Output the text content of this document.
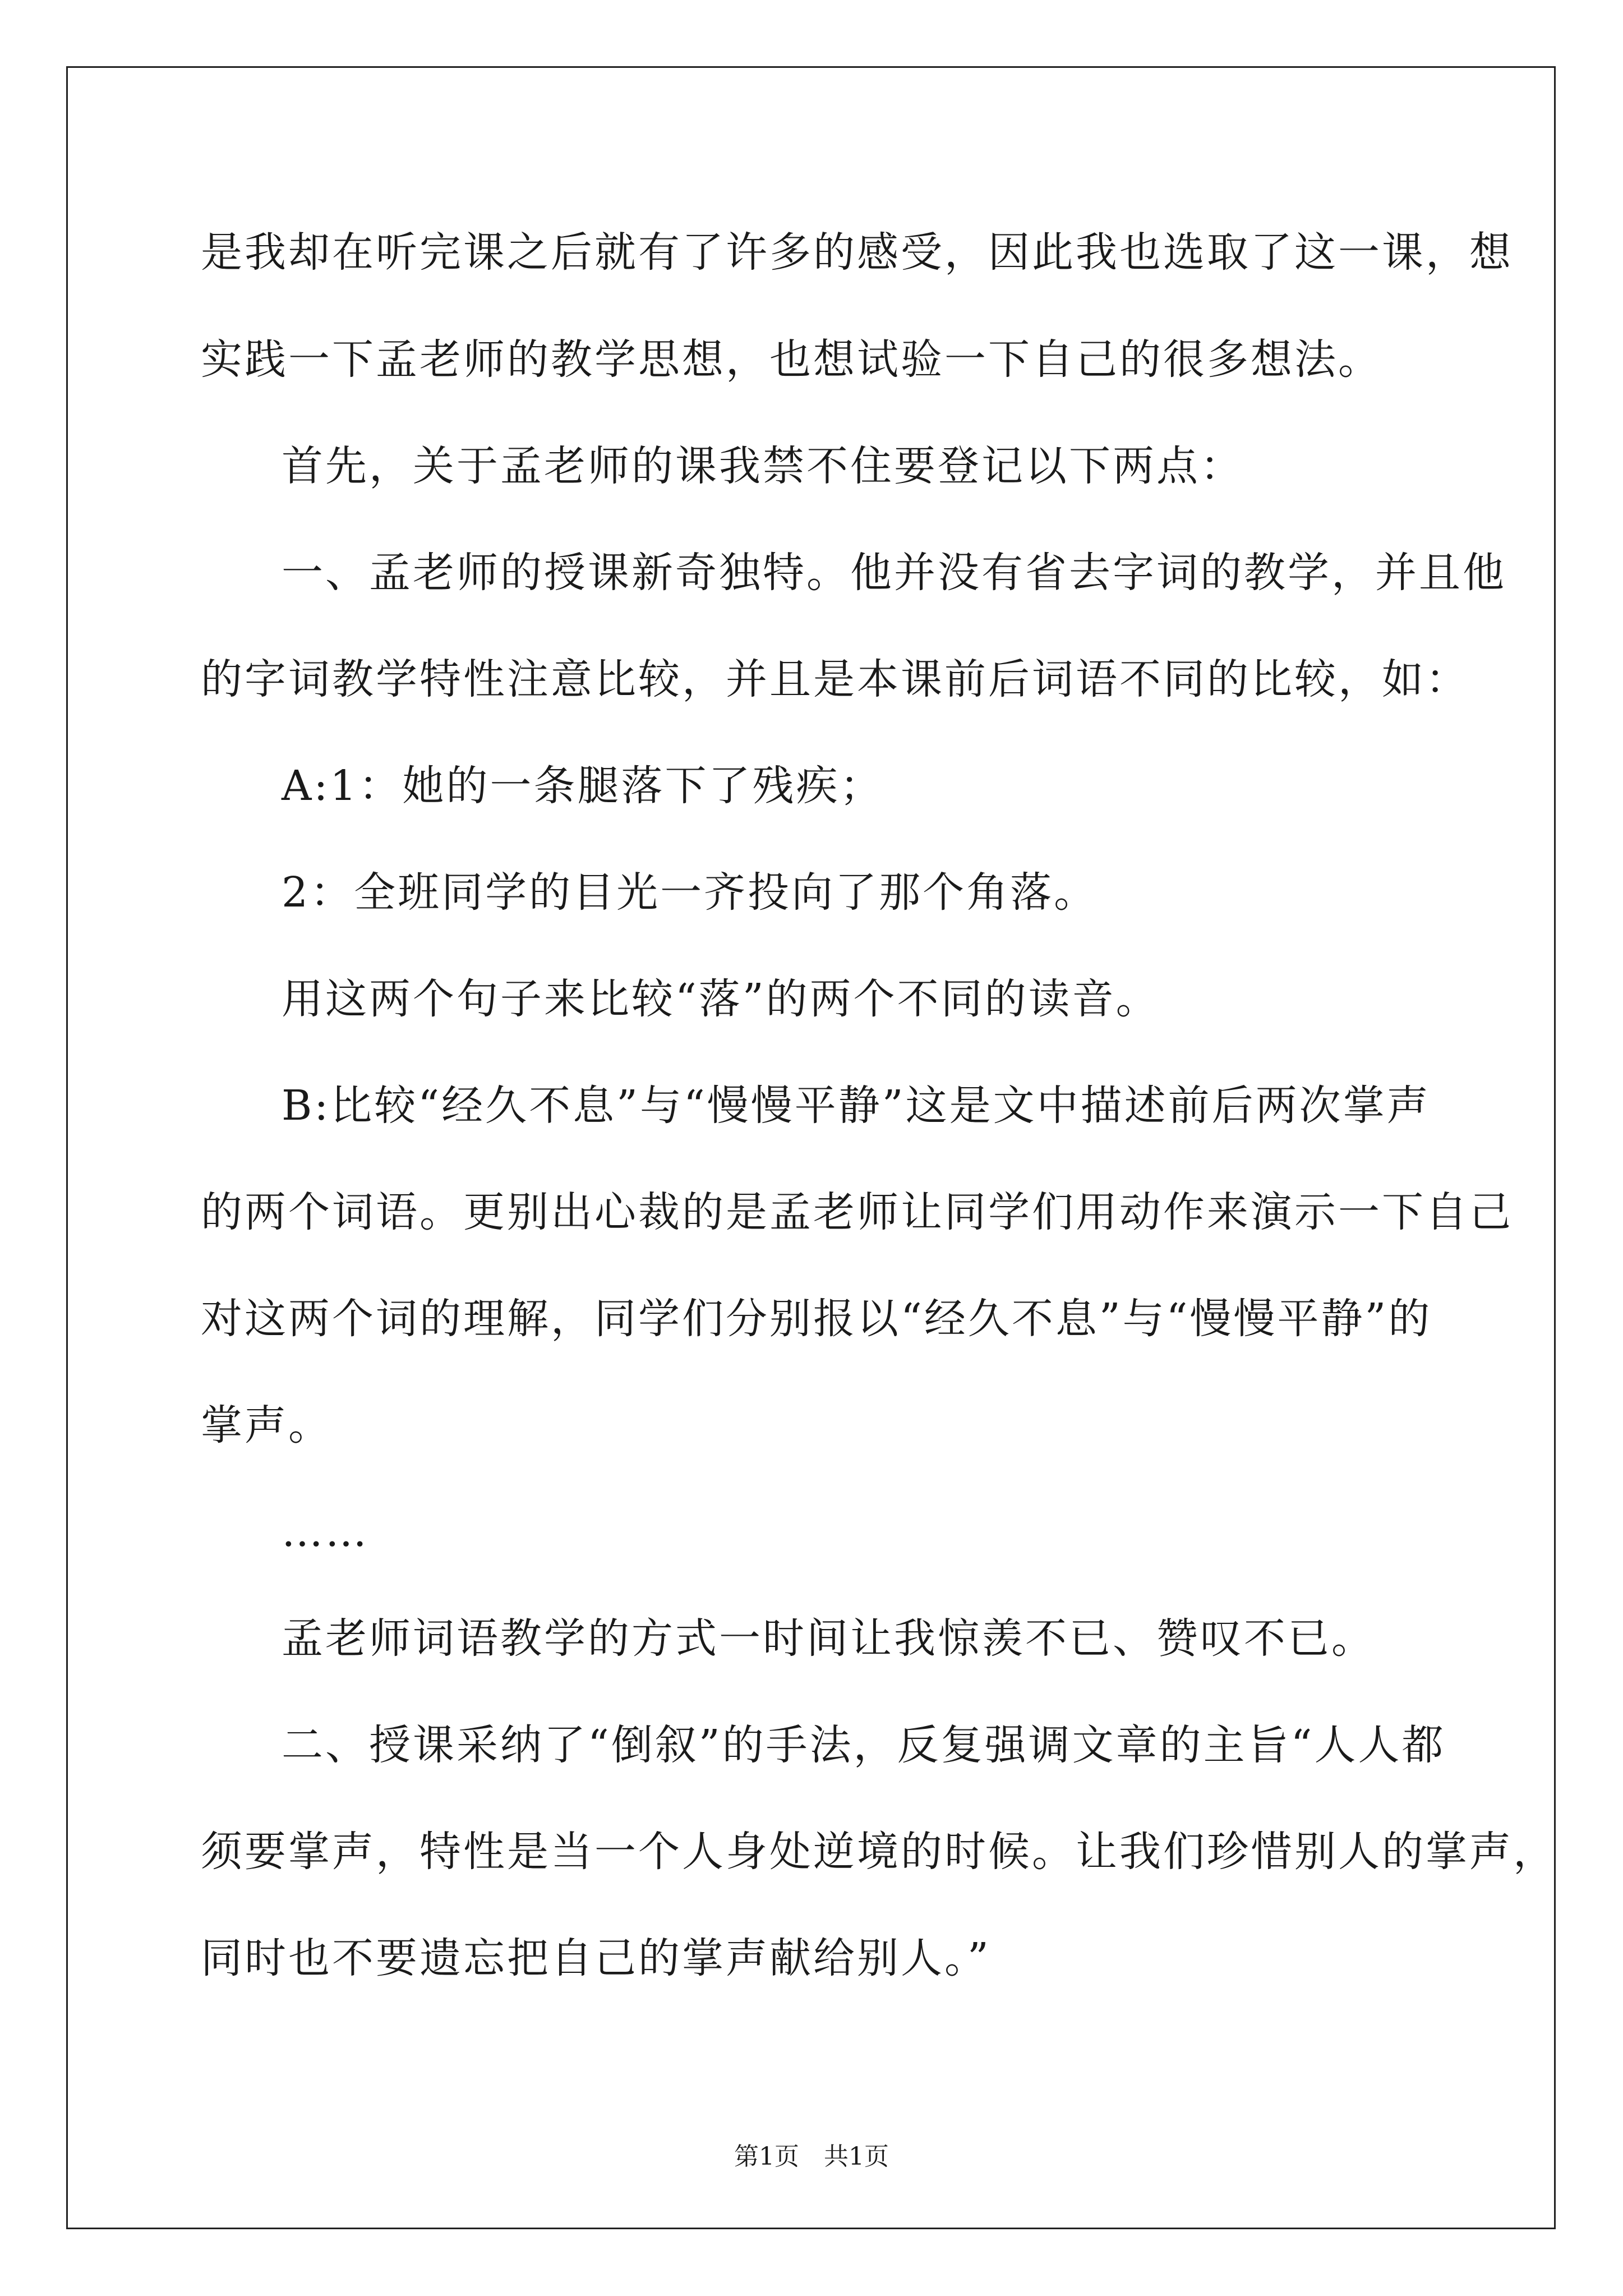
是我却在听完课之后就有了许多的感受，因此我也选取了这一课，想
实践一下孟老师的教学思想，也想试验一下自己的很多想法。
首先，关于孟老师的课我禁不住要登记以下两点：
一、孟老师的授课新奇独特。他并没有省去字词的教学，并且他
的字词教学特性注意比较，并且是本课前后词语不同的比较，如：
A:1：她的一条腿落下了残疾；
2：全班同学的目光一齐投向了那个角落。
用这两个句子来比较“落”的两个不同的读音。
B:比较“经久不息”与“慢慢平静”这是文中描述前后两次掌声
的两个词语。更别出心裁的是孟老师让同学们用动作来演示一下自己
对这两个词的理解，同学们分别报以“经久不息”与“慢慢平静”的
掌声。
……
孟老师词语教学的方式一时间让我惊羡不已、赞叹不已。
二、授课采纳了“倒叙”的手法，反复强调文章的主旨“人人都
须要掌声，特性是当一个人身处逆境的时候。让我们珍惜别人的掌声，
同时也不要遗忘把自己的掌声献给别人。”
第1页　共1页
